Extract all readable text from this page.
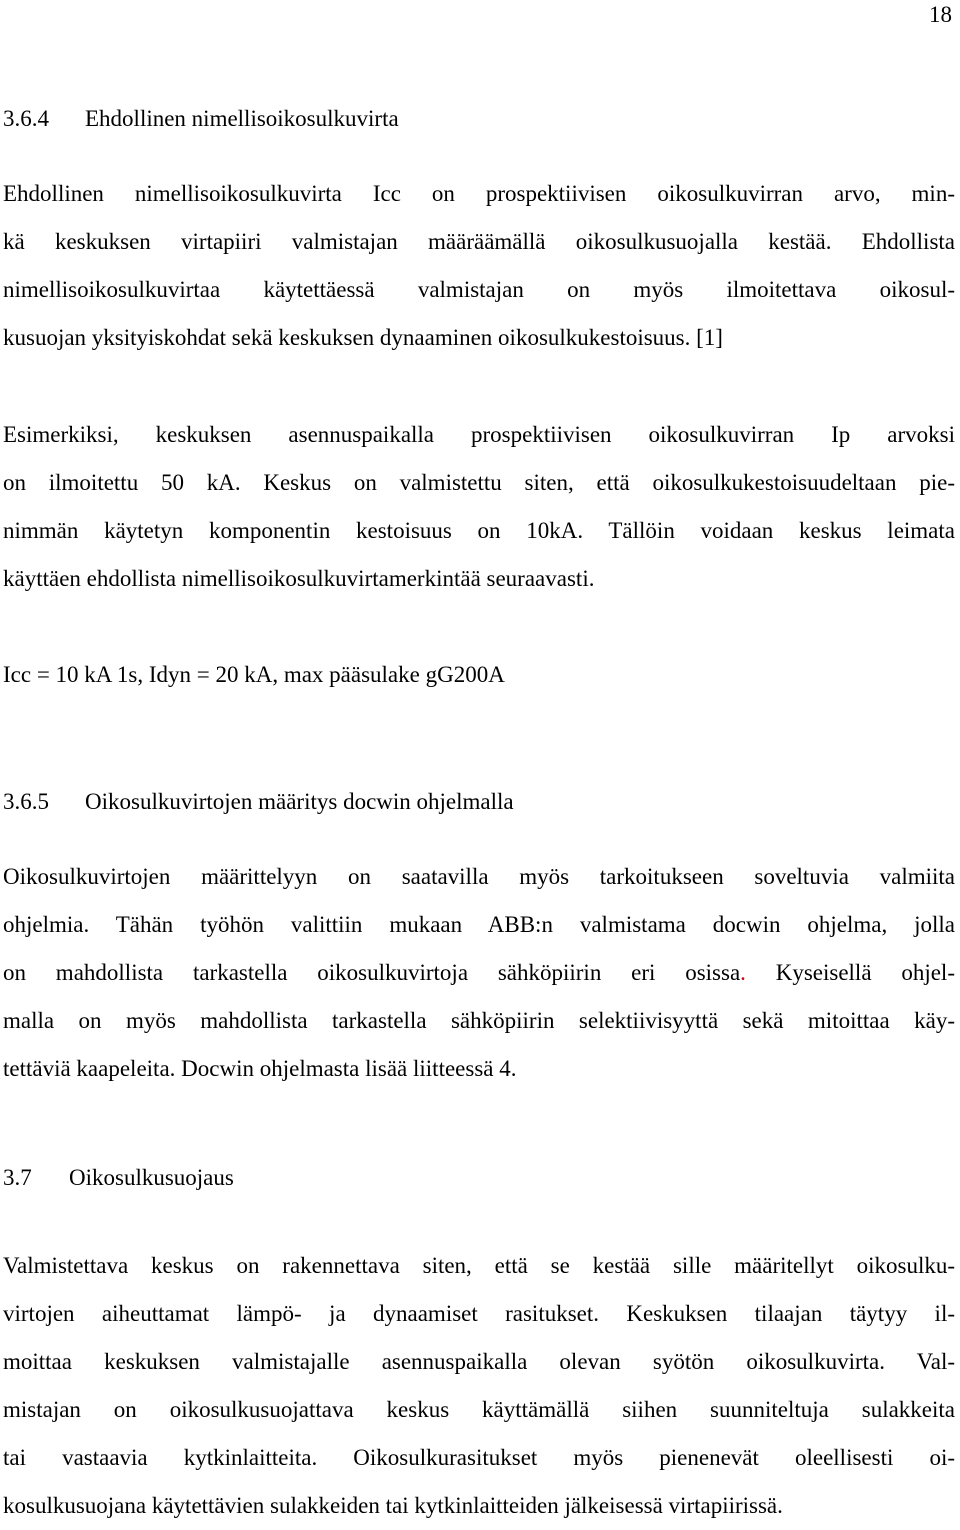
18
3.6.4 Ehdollinen nimellisoikosulkuvirta
Ehdollinen nimellisoikosulkuvirta Icc on prospektiivisen oikosulkuvirran arvo, min-
kä keskuksen virtapiiri valmistajan määräämällä oikosulkusuojalla kestää. Ehdollista
nimellisoikosulkuvirtaa käytettäessä valmistajan on myös ilmoitettava oikosul-
kusuojan yksityiskohdat sekä keskuksen dynaaminen oikosulkukestoisuus. [1]
Esimerkiksi, keskuksen asennuspaikalla prospektiivisen oikosulkuvirran Ip arvoksi
on ilmoitettu 50 kA. Keskus on valmistettu siten, että oikosulkukestoisuudeltaan pie-
nimmän käytetyn komponentin kestoisuus on 10kA. Tällöin voidaan keskus leimata
käyttäen ehdollista nimellisoikosulkuvirtamerkintää seuraavasti.
Icc = 10 kA 1s, Idyn = 20 kA, max pääsulake gG200A
3.6.5 Oikosulkuvirtojen määritys docwin ohjelmalla
Oikosulkuvirtojen määrittelyyn on saatavilla myös tarkoitukseen soveltuvia valmiita
ohjelmia. Tähän työhön valittiin mukaan ABB:n valmistama docwin ohjelma, jolla
on mahdollista tarkastella oikosulkuvirtoja sähköpiirin eri osissa. Kyseisellä ohjel-
malla on myös mahdollista tarkastella sähköpiirin selektiivisyyttä sekä mitoittaa käy-
tettäviä kaapeleita. Docwin ohjelmasta lisää liitteessä 4.
3.7 Oikosulkusuojaus
Valmistettava keskus on rakennettava siten, että se kestää sille määritellyt oikosulku-
virtojen aiheuttamat lämpö- ja dynaamiset rasitukset. Keskuksen tilaajan täytyy il-
moittaa keskuksen valmistajalle asennuspaikalla olevan syötön oikosulkuvirta. Val-
mistajan on oikosulkusuojattava keskus käyttämällä siihen suunniteltuja sulakkeita
tai vastaavia kytkinlaitteita. Oikosulkurasitukset myös pienenevät oleellisesti oi-
kosulkusuojana käytettävien sulakkeiden tai kytkinlaitteiden jälkeisessä virtapiirissä.
